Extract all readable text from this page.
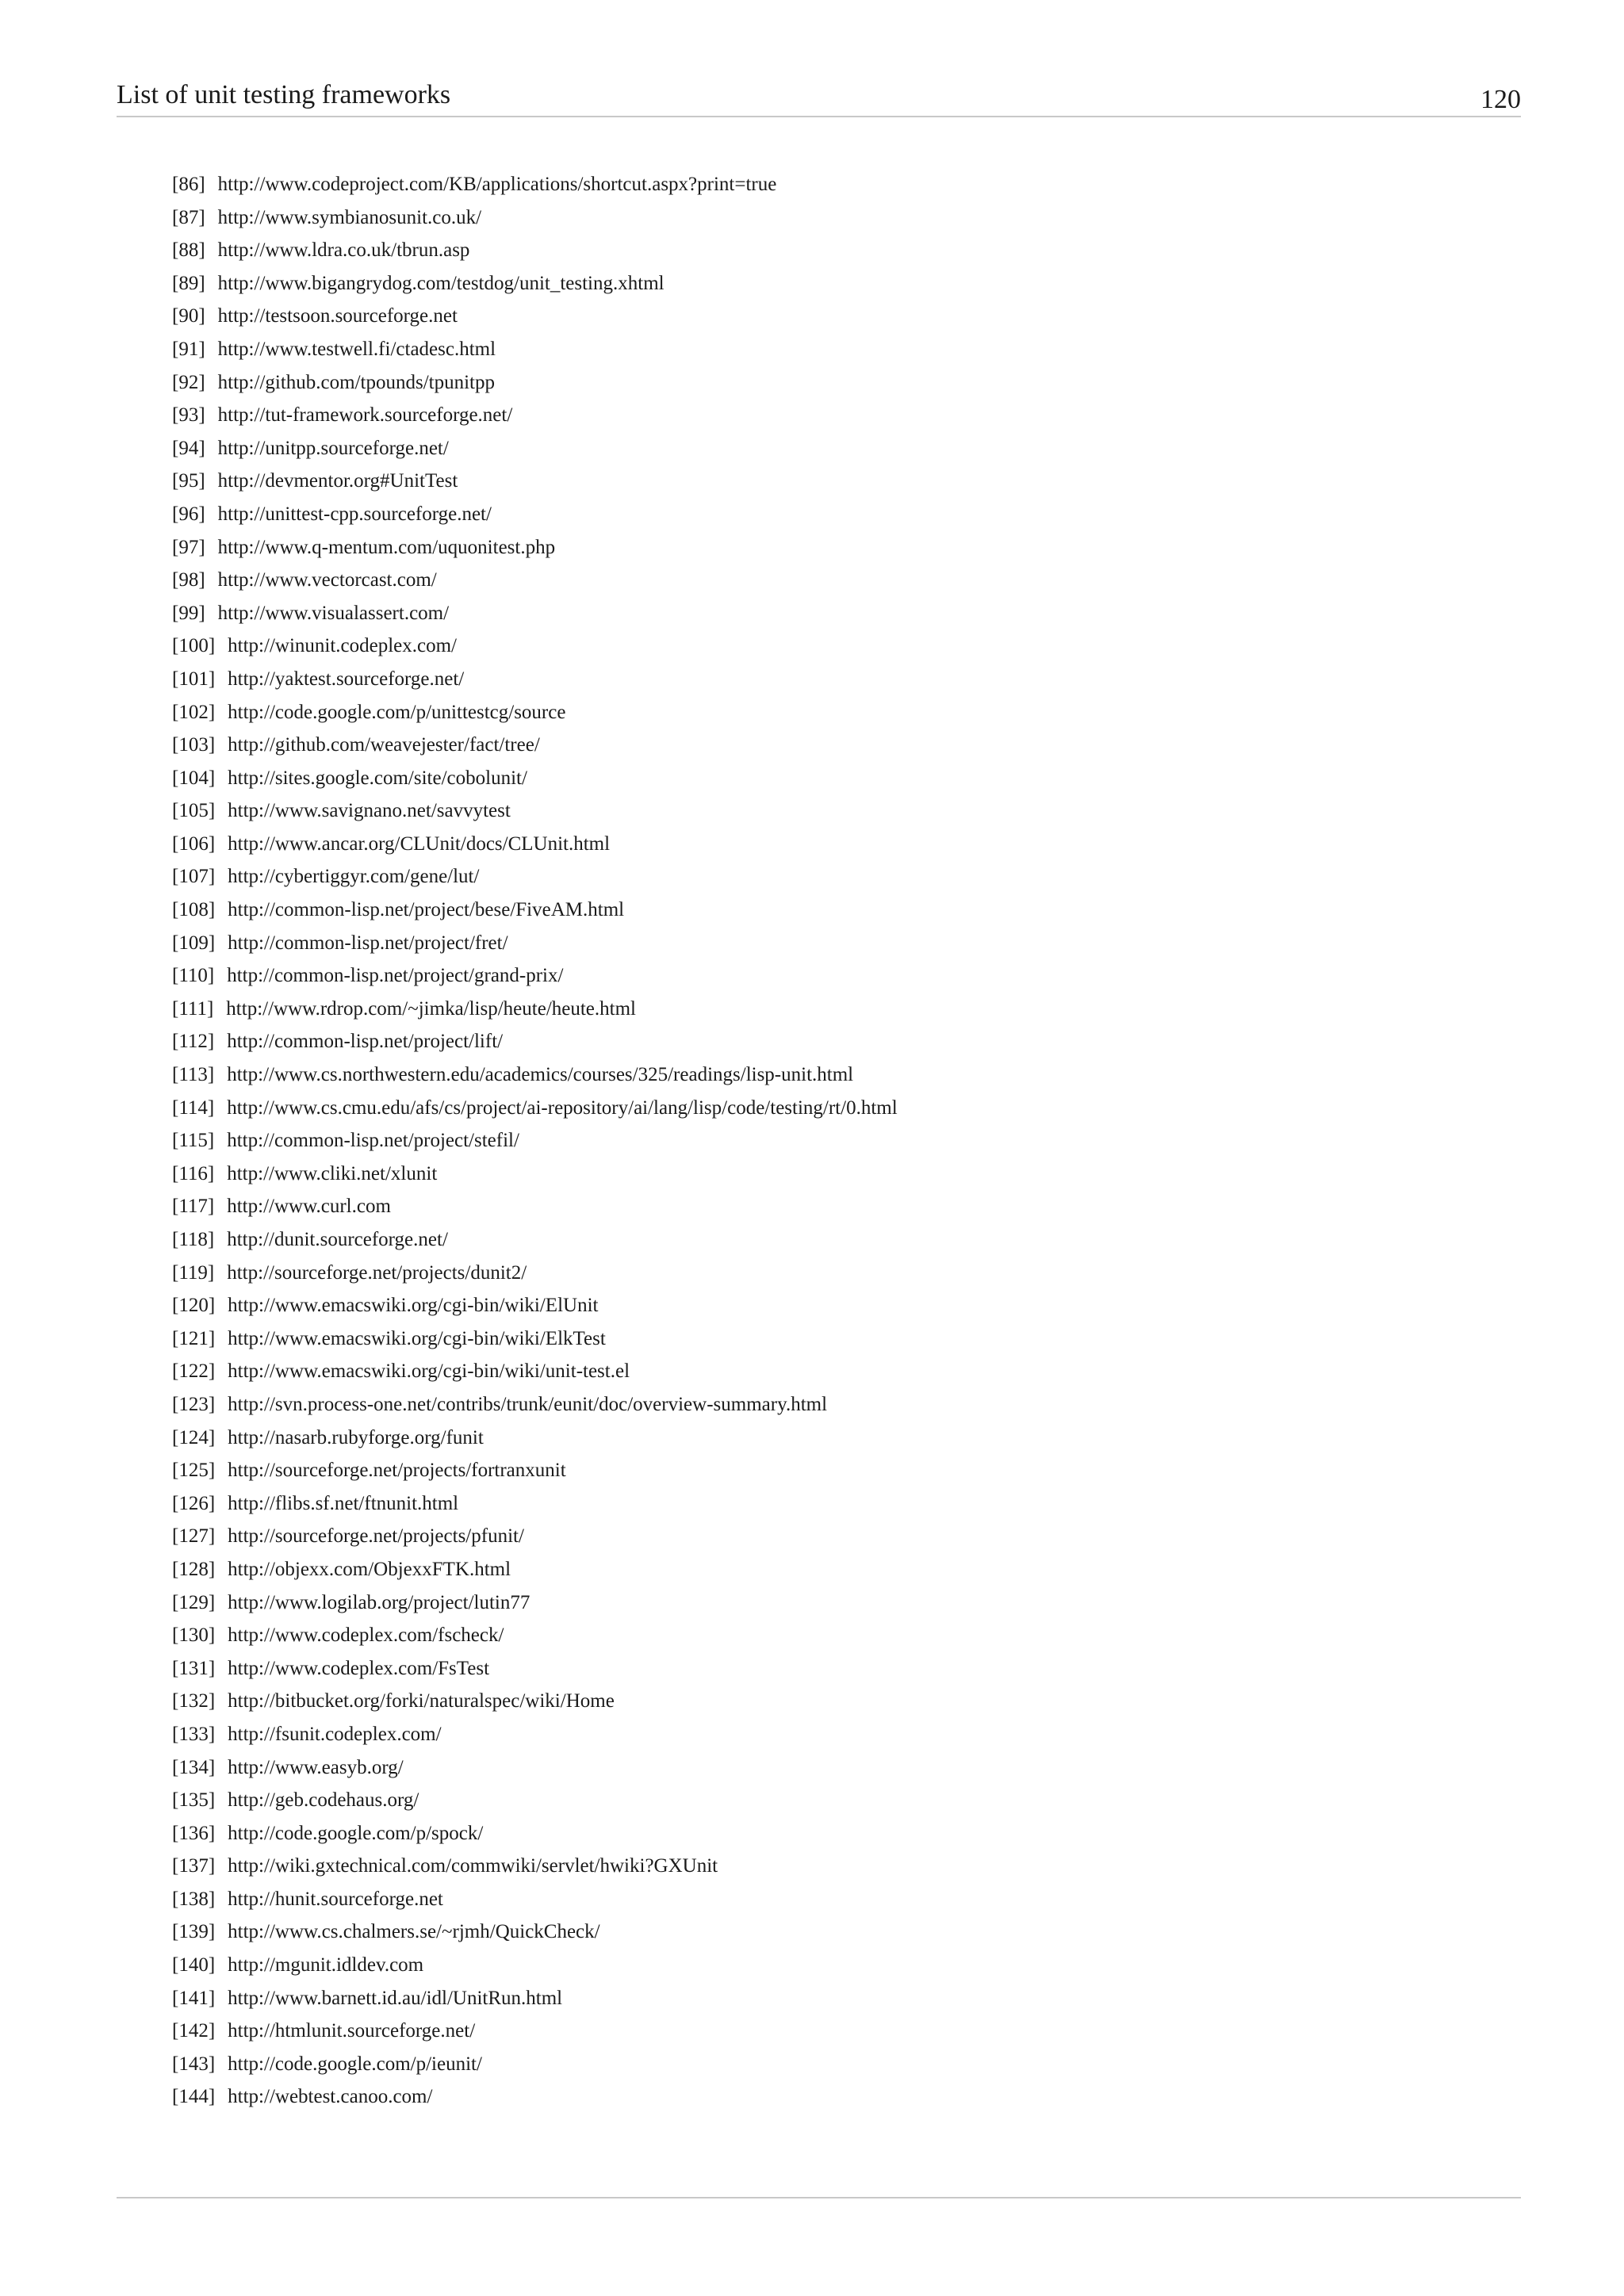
List of unit testing frameworks	120
[86] http://www.codeproject.com/KB/applications/shortcut.aspx?print=true
[87] http://www.symbianosunit.co.uk/
[88] http://www.ldra.co.uk/tbrun.asp
[89] http://www.bigangrydog.com/testdog/unit_testing.xhtml
[90] http://testsoon.sourceforge.net
[91] http://www.testwell.fi/ctadesc.html
[92] http://github.com/tpounds/tpunitpp
[93] http://tut-framework.sourceforge.net/
[94] http://unitpp.sourceforge.net/
[95] http://devmentor.org#UnitTest
[96] http://unittest-cpp.sourceforge.net/
[97] http://www.q-mentum.com/uquonitest.php
[98] http://www.vectorcast.com/
[99] http://www.visualassert.com/
[100] http://winunit.codeplex.com/
[101] http://yaktest.sourceforge.net/
[102] http://code.google.com/p/unittestcg/source
[103] http://github.com/weavejester/fact/tree/
[104] http://sites.google.com/site/cobolunit/
[105] http://www.savignano.net/savvytest
[106] http://www.ancar.org/CLUnit/docs/CLUnit.html
[107] http://cybertiggyr.com/gene/lut/
[108] http://common-lisp.net/project/bese/FiveAM.html
[109] http://common-lisp.net/project/fret/
[110] http://common-lisp.net/project/grand-prix/
[111] http://www.rdrop.com/~jimka/lisp/heute/heute.html
[112] http://common-lisp.net/project/lift/
[113] http://www.cs.northwestern.edu/academics/courses/325/readings/lisp-unit.html
[114] http://www.cs.cmu.edu/afs/cs/project/ai-repository/ai/lang/lisp/code/testing/rt/0.html
[115] http://common-lisp.net/project/stefil/
[116] http://www.cliki.net/xlunit
[117] http://www.curl.com
[118] http://dunit.sourceforge.net/
[119] http://sourceforge.net/projects/dunit2/
[120] http://www.emacswiki.org/cgi-bin/wiki/ElUnit
[121] http://www.emacswiki.org/cgi-bin/wiki/ElkTest
[122] http://www.emacswiki.org/cgi-bin/wiki/unit-test.el
[123] http://svn.process-one.net/contribs/trunk/eunit/doc/overview-summary.html
[124] http://nasarb.rubyforge.org/funit
[125] http://sourceforge.net/projects/fortranxunit
[126] http://flibs.sf.net/ftnunit.html
[127] http://sourceforge.net/projects/pfunit/
[128] http://objexx.com/ObjexxFTK.html
[129] http://www.logilab.org/project/lutin77
[130] http://www.codeplex.com/fscheck/
[131] http://www.codeplex.com/FsTest
[132] http://bitbucket.org/forki/naturalspec/wiki/Home
[133] http://fsunit.codeplex.com/
[134] http://www.easyb.org/
[135] http://geb.codehaus.org/
[136] http://code.google.com/p/spock/
[137] http://wiki.gxtechnical.com/commwiki/servlet/hwiki?GXUnit
[138] http://hunit.sourceforge.net
[139] http://www.cs.chalmers.se/~rjmh/QuickCheck/
[140] http://mgunit.idldev.com
[141] http://www.barnett.id.au/idl/UnitRun.html
[142] http://htmlunit.sourceforge.net/
[143] http://code.google.com/p/ieunit/
[144] http://webtest.canoo.com/
